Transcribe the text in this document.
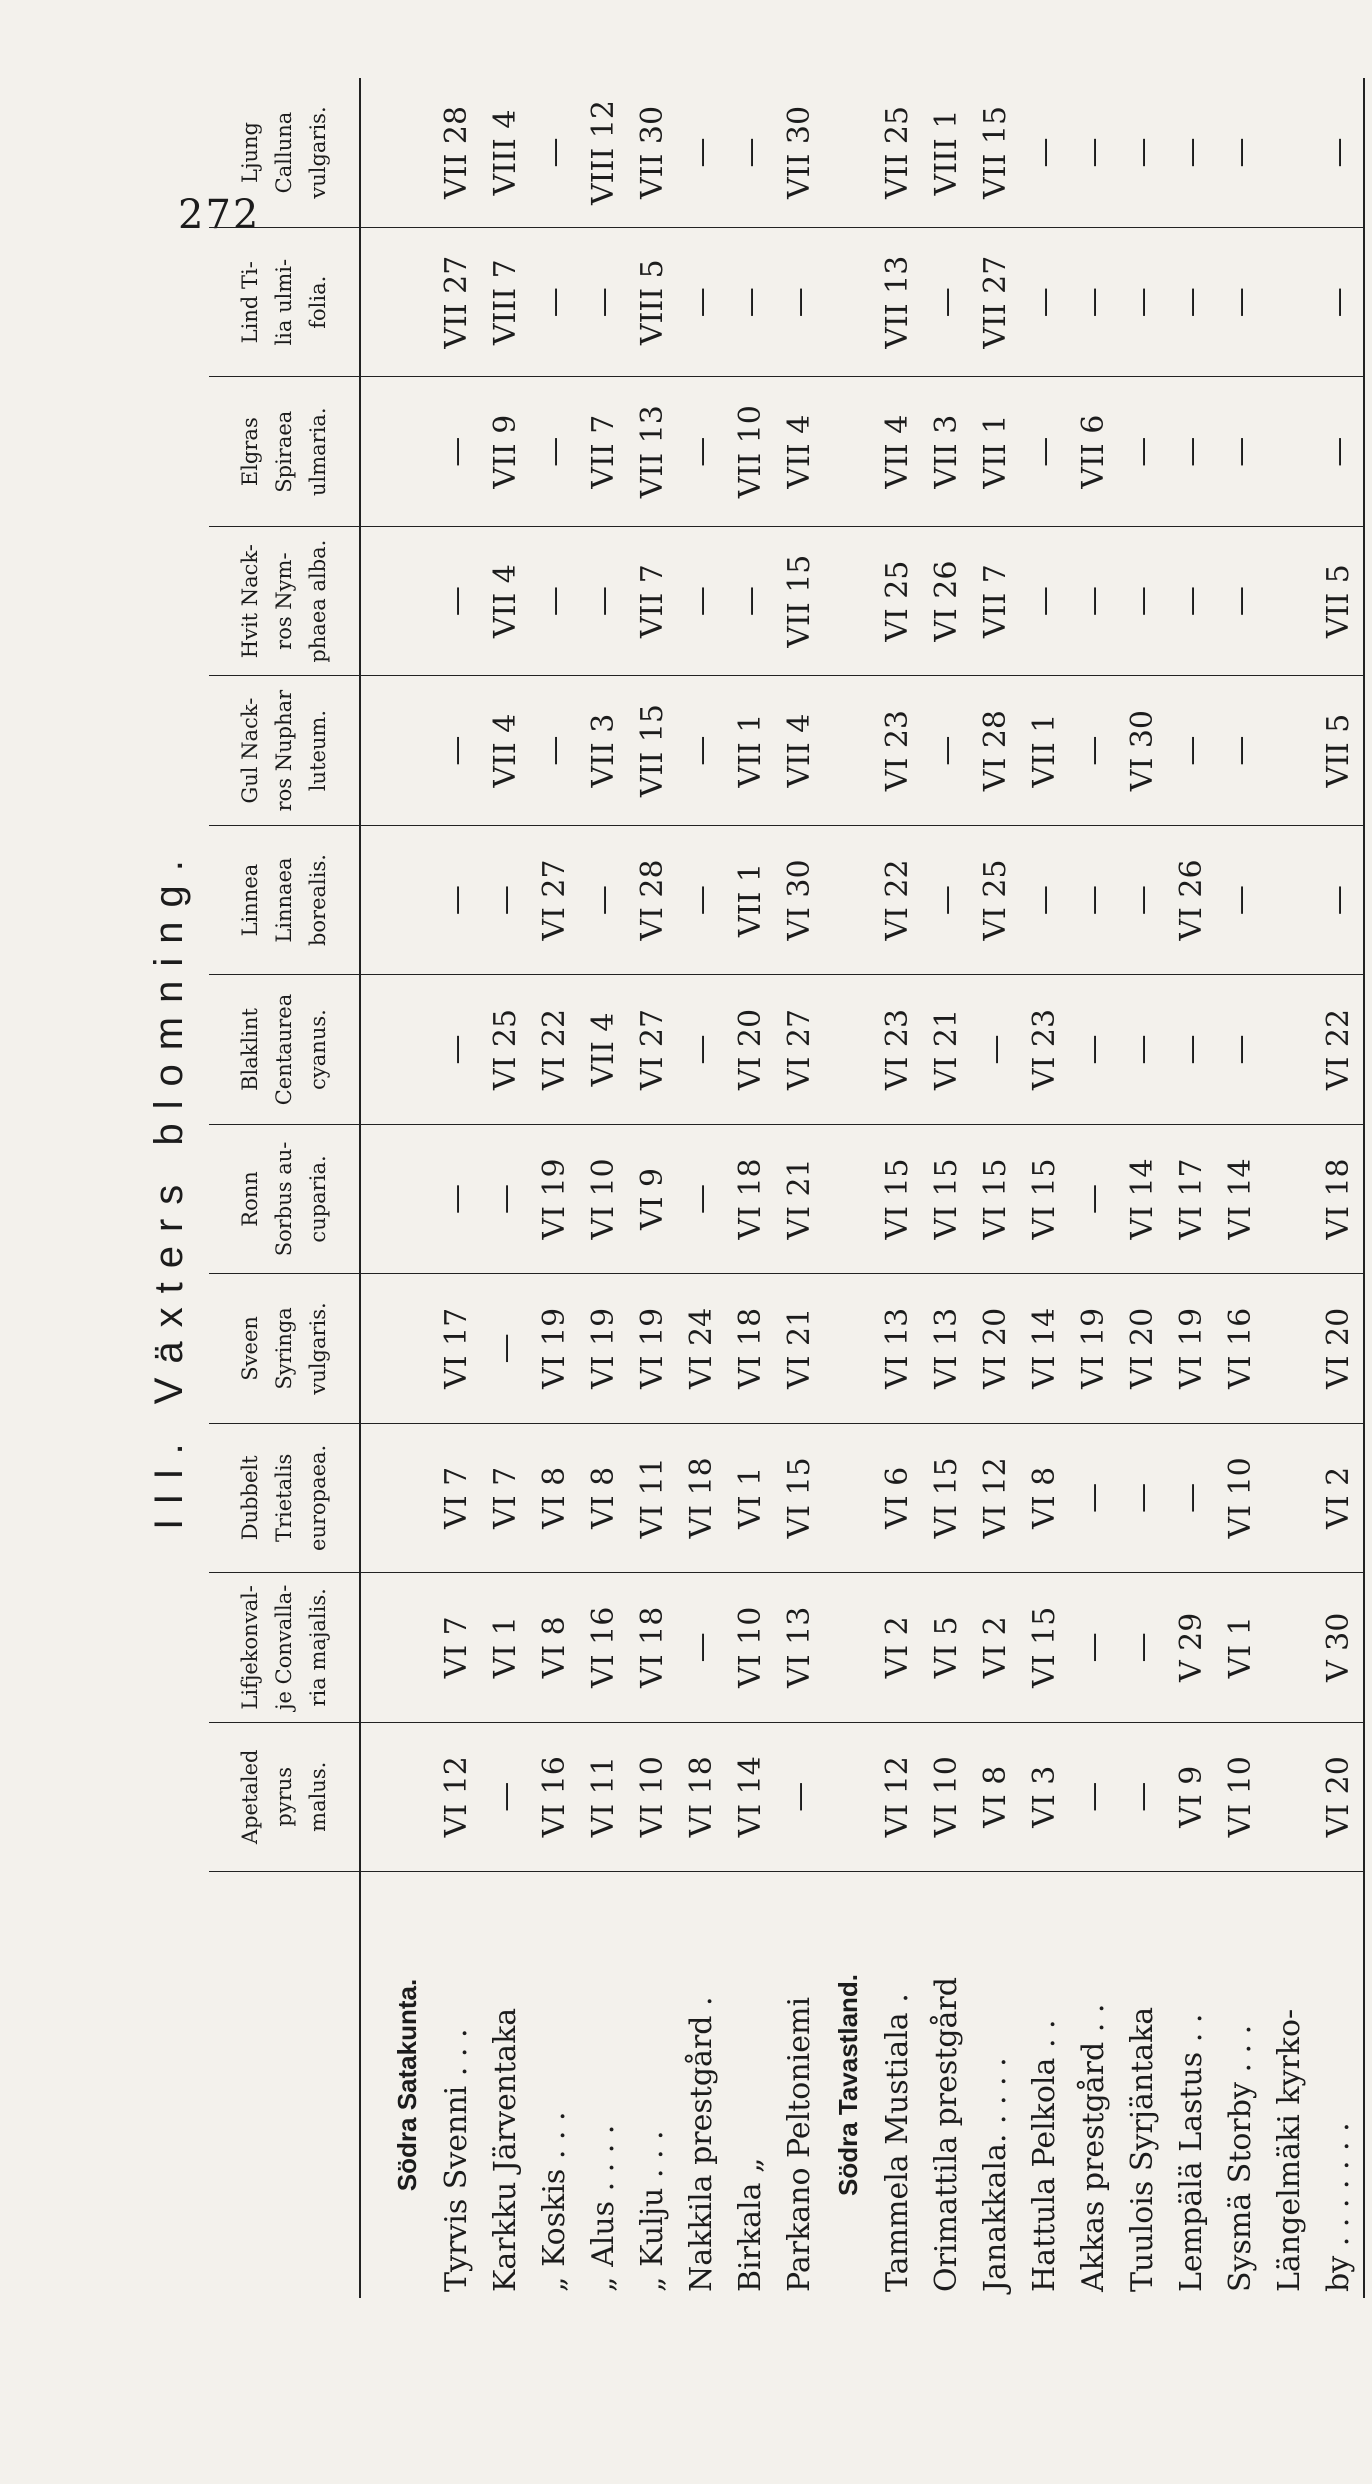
272
III. Växters blomning.
	Apetaled
pyrus
malus.	Lifjekonval-
je Convalla-
ria majalis.	Dubbelt
Trietalis
europaea.	Sveen
Syringa
vulgaris.	Ronn
Sorbus au-
cuparia.	Blaklint
Centaurea
cyanus.	Linnea
Linnaea
borealis.	Gul Nack-
ros Nuphar
luteum.	Hvit Nack-
ros Nym-
phaea alba.	Elgras
Spiraea
ulmaria.	Lind Ti-
lia ulmi-
folia.	Ljung
Calluna
vulgaris.
Södra Satakunta.												
Tyrvis Svenni . . .	VI 12	VI 7	VI 7	VI 17	—	—	—	—	—	—	VII 27	VII 28
Karkku Järventaka	—	VI 1	VI 7	—	—	VI 25	—	VII 4	VII 4	VII 9	VIII 7	VIII 4
„ Koskis . . .	VI 16	VI 8	VI 8	VI 19	VI 19	VI 22	VI 27	—	—	—	—	—
„ Alus . . . .	VI 11	VI 16	VI 8	VI 19	VI 10	VII 4	—	VII 3	—	VII 7	—	VIII 12
„ Kulju . . .	VI 10	VI 18	VI 11	VI 19	VI 9	VI 27	VI 28	VII 15	VII 7	VII 13	VIII 5	VII 30
Nakkila prestgård .	VI 18	—	VI 18	VI 24	—	—	—	—	—	—	—	—
Birkala „	VI 14	VI 10	VI 1	VI 18	VI 18	VI 20	VII 1	VII 1	—	VII 10	—	—
Parkano Peltoniemi	—	VI 13	VI 15	VI 21	VI 21	VI 27	VI 30	VII 4	VII 15	VII 4	—	VII 30
Södra Tavastland.												
Tammela Mustiala .	VI 12	VI 2	VI 6	VI 13	VI 15	VI 23	VI 22	VI 23	VI 25	VII 4	VII 13	VII 25
Orimattila prestgård	VI 10	VI 5	VI 15	VI 13	VI 15	VI 21	—	—	VI 26	VII 3	—	VIII 1
Janakkala. . . . .	VI 8	VI 2	VI 12	VI 20	VI 15	—	VI 25	VI 28	VII 7	VII 1	VII 27	VII 15
Hattula Pelkola . .	VI 3	VI 15	VI 8	VI 14	VI 15	VI 23	—	VII 1	—	—	—	—
Akkas prestgård . .	—	—	—	VI 19	—	—	—	—	—	VII 6	—	—
Tuulois Syrjäntaka	—	—	—	VI 20	VI 14	—	—	VI 30	—	—	—	—
Lempälä Lastus . .	VI 9	V 29	—	VI 19	VI 17	—	VI 26	—	—	—	—	—
Sysmä Storby . . .	VI 10	VI 1	VI 10	VI 16	VI 14	—	—	—	—	—	—	—
Längelmäki kyrko-												
by . . . . . . .	VI 20	V 30	VI 2	VI 20	VI 18	VI 22	—	VII 5	VII 5	—	—	—
